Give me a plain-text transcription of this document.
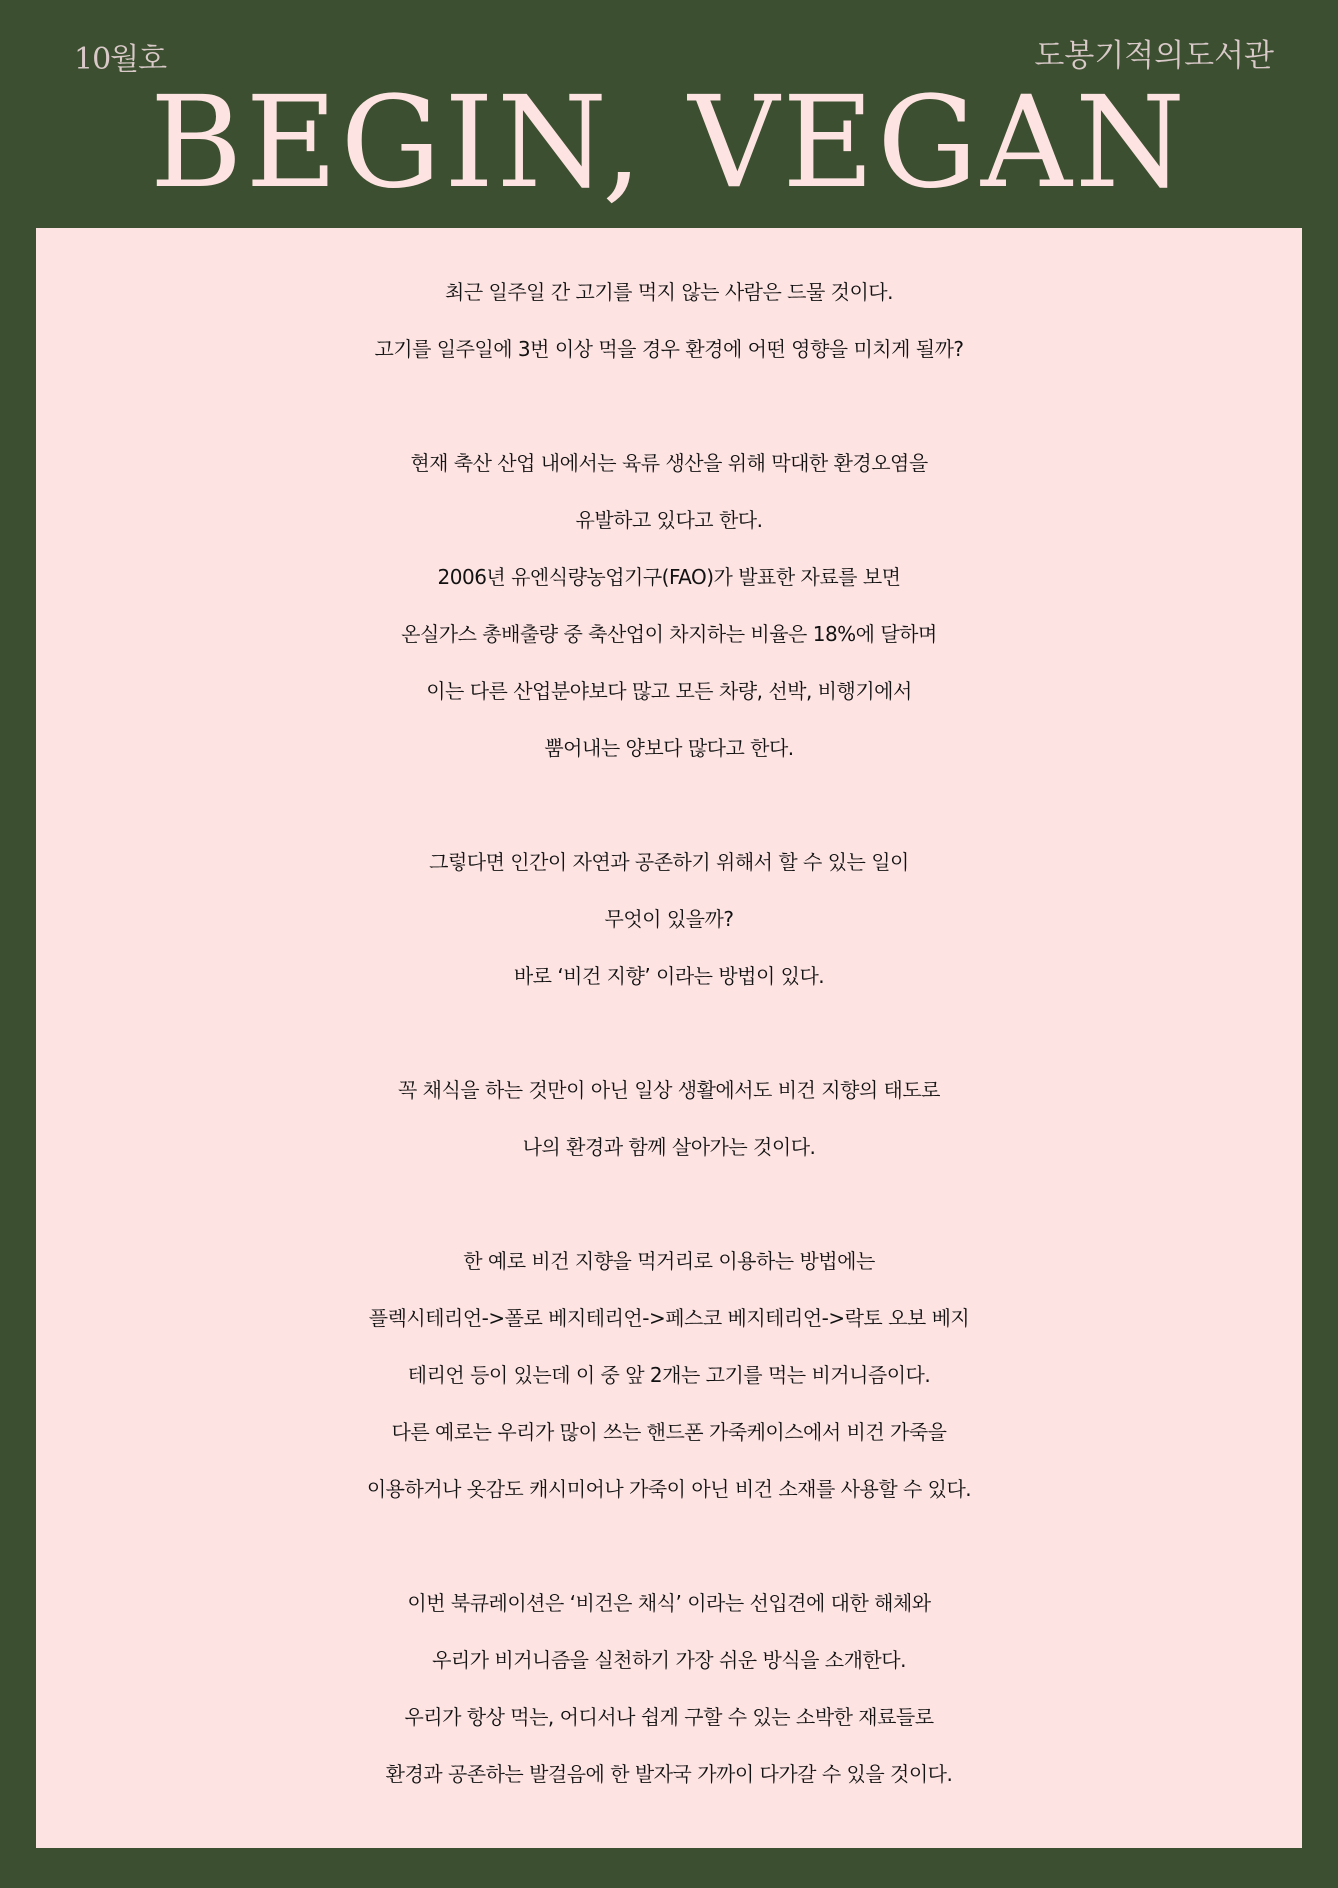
10월호	도봉기적의도서관
BEGIN, VEGAN
최근 일주일 간 고기를 먹지 않는 사람은 드물 것이다.
고기를 일주일에 3번 이상 먹을 경우 환경에 어떤 영향을 미치게 될까?
현재 축산 산업 내에서는 육류 생산을 위해 막대한 환경오염을
유발하고 있다고 한다.
2006년 유엔식량농업기구(FAO)가 발표한 자료를 보면
온실가스 총배출량 중 축산업이 차지하는 비율은 18%에 달하며
이는 다른 산업분야보다 많고 모든 차량, 선박, 비행기에서
뿜어내는 양보다 많다고 한다.
그렇다면 인간이 자연과 공존하기 위해서 할 수 있는 일이
무엇이 있을까?
바로 ‘비건 지향’ 이라는 방법이 있다.
꼭 채식을 하는 것만이 아닌 일상 생활에서도 비건 지향의 태도로
나의 환경과 함께 살아가는 것이다.
한 예로 비건 지향을 먹거리로 이용하는 방법에는
플렉시테리언->폴로 베지테리언->페스코 베지테리언->락토 오보 베지
테리언 등이 있는데 이 중 앞 2개는 고기를 먹는 비거니즘이다.
다른 예로는 우리가 많이 쓰는 핸드폰 가죽케이스에서 비건 가죽을
이용하거나 옷감도 캐시미어나 가죽이 아닌 비건 소재를 사용할 수 있다.
이번 북큐레이션은 ‘비건은 채식’ 이라는 선입견에 대한 해체와
우리가 비거니즘을 실천하기 가장 쉬운 방식을 소개한다.
우리가 항상 먹는, 어디서나 쉽게 구할 수 있는 소박한 재료들로
환경과 공존하는 발걸음에 한 발자국 가까이 다가갈 수 있을 것이다.
